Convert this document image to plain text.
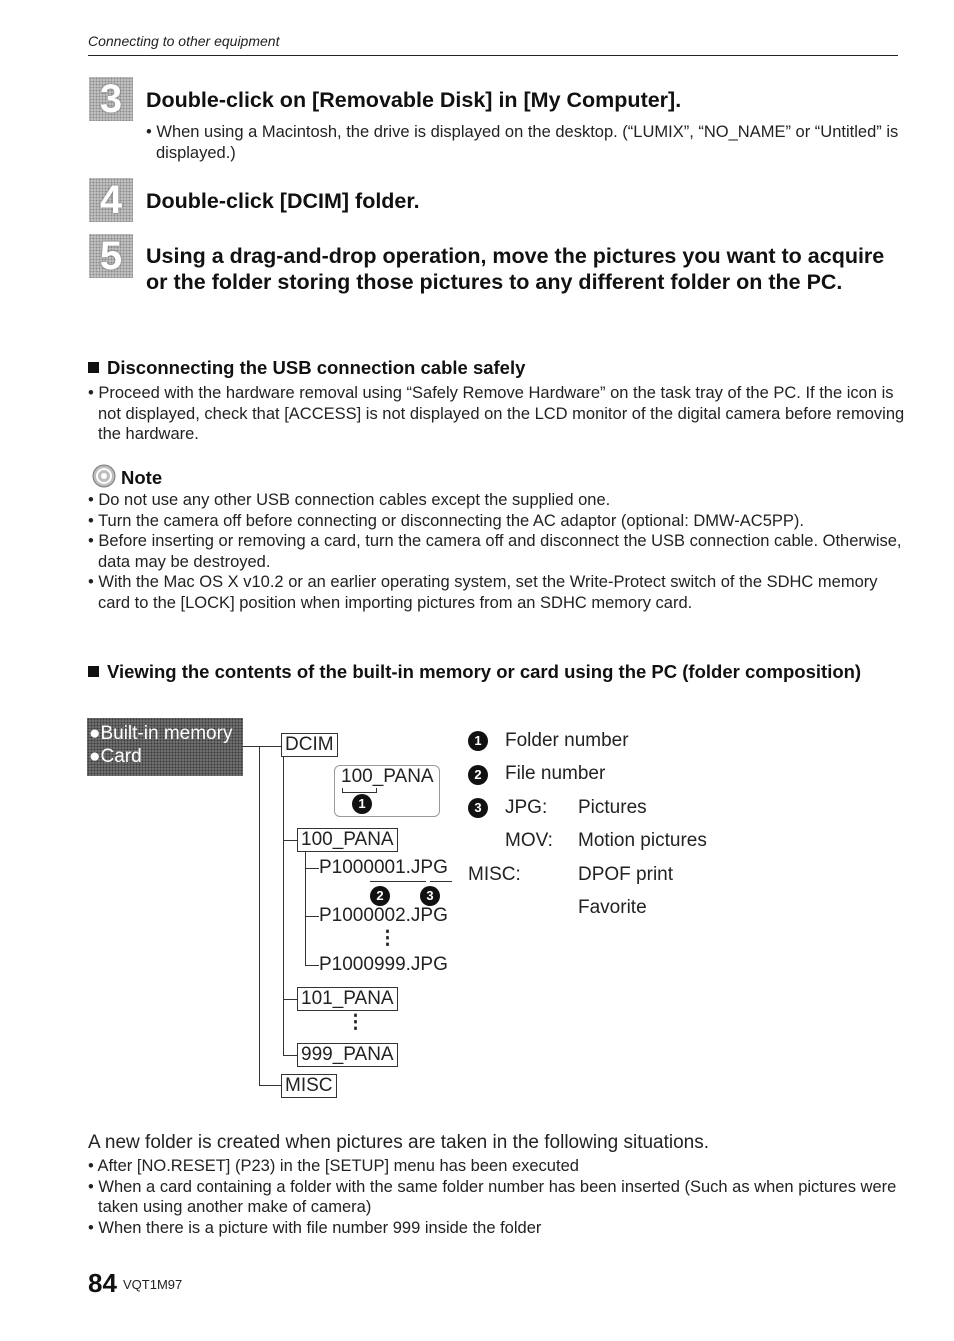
Connecting to other equipment
3	Double-click on [Removable Disk] in [My Computer].
• When using a Macintosh, the drive is displayed on the desktop. (“LUMIX”, “NO_NAME” or “Untitled” is displayed.)
4	Double-click [DCIM] folder.
5	Using a drag-and-drop operation, move the pictures you want to acquire or the folder storing those pictures to any different folder on the PC.
Disconnecting the USB connection cable safely
• Proceed with the hardware removal using “Safely Remove Hardware” on the task tray of the PC. If the icon is not displayed, check that [ACCESS] is not displayed on the LCD monitor of the digital camera before removing the hardware.
Note
• Do not use any other USB connection cables except the supplied one.
• Turn the camera off before connecting or disconnecting the AC adaptor (optional: DMW-AC5PP).
• Before inserting or removing a card, turn the camera off and disconnect the USB connection cable. Otherwise, data may be destroyed.
• With the Mac OS X v10.2 or an earlier operating system, set the Write-Protect switch of the SDHC memory card to the [LOCK] position when importing pictures from an SDHC memory card.
Viewing the contents of the built-in memory or card using the PC (folder composition)
●Built-in memory
●Card
DCIM
100_PANA
1
100_PANA
P1000001.JPG
2	3
P1000002.JPG
⋮
P1000999.JPG
101_PANA
⋮
999_PANA
MISC
1	Folder number
2	File number
3	JPG: Pictures
MOV: Motion pictures
MISC:	DPOF print
Favorite
A new folder is created when pictures are taken in the following situations.
• After [NO.RESET] (P23) in the [SETUP] menu has been executed
• When a card containing a folder with the same folder number has been inserted (Such as when pictures were taken using another make of camera)
• When there is a picture with file number 999 inside the folder
84 VQT1M97
